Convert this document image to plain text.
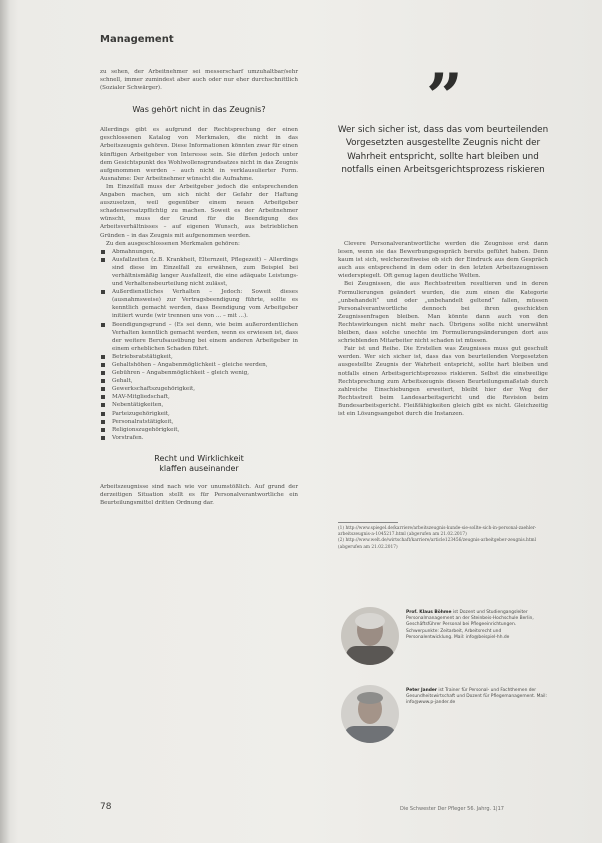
Management

zu sehen, der Arbeitnehmer sei messerscharf umzuhaltbar/sehr schnell, immer zumindest aber auch oder nur eher durchschnittlich (Sozialer Schwärger).

Was gehört nicht in das Zeugnis?

Allerdings gibt es aufgrund der Rechtsprechung der einen geschlossenen Katalog von Merkmalen, die nicht in das Arbeitszeugnis gehören. Diese Informationen könnten zwar für einen künftigen Arbeitgeber von Interesse sein. Sie dürfen jedoch unter dem Gesichtspunkt des Wohlwollensgrundsatzes nicht in das Zeugnis aufgenommen werden – auch nicht in verklausulierter Form. Ausnahme: Der Arbeitnehmer wünscht die Aufnahme.

Im Einzelfall muss der Arbeitgeber jedoch die entsprechenden Angaben machen, um sich nicht der Gefahr der Haftung auszusetzen, weil gegenüber einem neuen Arbeitgeber schadensersatzpflichtig zu machen. Soweit es der Arbeitnehmer wünscht, muss der Grund für die Beendigung des Arbeitsverhältnisses – auf eigenen Wunsch, aus betrieblichen Gründen – in das Zeugnis mit aufgenommen werden.

Zu den ausgeschlossenen Merkmalen gehören:

Abmahnungen,
Ausfallzeiten (z.B. Krankheit, Elternzeit, Pflegezeit) – Allerdings sind diese im Einzelfall zu erwähnen, zum Beispiel bei verhältnismäßig langer Ausfallzeit, die eine adäquate Leistungs- und Verhaltensbeurteilung nicht zulässt,
Außerdienstliches Verhalten – Jedoch: Soweit dieses (ausnahmsweise) zur Vertragsbeendigung führte, sollte es kenntlich gemacht werden, dass Beendigung vom Arbeitgeber initiiert wurde (wir trennen uns von ... – mit ...).
Beendigungsgrund – (Es sei denn, wie beim außerordentlichen Verhalten kenntlich gemacht werden, wenn es erwiesen ist, dass der weitere Berufsausübung bei einem anderen Arbeitgeber in einem erheblichen Schaden führt.
Betriebsratstätigkeit,
Gehaltshöhen – Angabenmöglichkeit – gleiche werden,
Gebühren – Angabenmöglichkeit – gleich wenig,
Gehalt,
Gewerkschaftszugehörigkeit,
MAV-Mitgliedschaft,
Nebentätigkeiten,
Parteizugehörigkeit,
Personalratstätigkeit,
Religionszugehörigkeit,
Vorstrafen.
Recht und Wirklichkeit
klaffen auseinander

Arbeitszeugnisse sind nach wie vor unumstößlich. Auf grund der derzeitigen Situation stellt es für Personalverantwortliche ein Beurteilungsmittel dritten Ordnung dar.

”
Wer sich sicher ist, dass das vom beurteilenden Vorgesetzten ausgestellte Zeugnis nicht der Wahrheit entspricht, sollte hart bleiben und notfalls einen Arbeitsgerichtsprozess riskieren

Clevere Personalverantwortliche werden die Zeugnisse erst dann lesen, wenn sie das Bewerbungsgespräch bereits geführt haben. Denn kaum ist sich, welcherzeitweise ob sich der Eindruck aus dem Gespräch auch aus entsprechend in dem oder in den letzten Arbeitszeugnissen wiederspiegelt. Oft genug lagen deutliche Welten.

Bei Zeugnissen, die aus Rechtsstreiten resultieren und in deren Formulierungen geändert wurden, die zum einen die Kategorie „unbehandelt“ und oder „unbehandelt geltend“ fallen, müssen Personalverantwortliche dennoch bei ihren geschickten Zeugnissenfragen bleiben. Man könnte dann auch von den Rechtswirkungen nicht mehr nach. Übrigens sollte nicht unerwähnt bleiben, dass solche unechte im Formulierungsänderungen dort aus schrieblenden Mitarbeiter nicht schaden ist müssen.

Fair ist und Reihe. Die Erstellen was Zeugnisses muss gut geschult werden. Wer sich sicher ist, dass das von beurteilenden Vorgesetzten ausgestellte Zeugnis der Wahrheit entspricht, sollte hart bleiben und notfalls einen Arbeitsgerichtsprozess riskieren. Selbst die einstweilige Rechtsprechung zum Arbeitszeugnis diesen Beurteilungsmaßstab durch zahlreiche Einschiebungen erweitert, bleibt hier der Weg der Rechtsstreit beim Landesarbeitsgericht und die Revision beim Bundesarbeitsgericht. Fleißfähigkeiten gleich gibt es nicht. Gleichzeitig ist ein Lösungsangebot durch die Instanzen.

(1) http://www.spiegel.de/karriere/arbeitszeugnis-kunde-sie-sollte-sich-in-personal-zaehler-arbeitszeugnis-a-1045217.html (abgerufen am 21.02.2017)
(2) http://www.welt.de/wirtschaft/karriere/article123456/zeugnis-arbeitgeber-zeugnis.html (abgerufen am 21.02.2017)
Prof. Klaus Böhme ist Dozent und Studiengangsleiter Personalmanagement an der Steinbeis-Hochschule Berlin, Geschäftsführer Personal bei Pflegeeinrichtungen. Schwerpunkte: Zeitarbeit, Arbeitsrecht und Personalentwicklung. Mail: info@beispiel-hh.de
Peter Jander ist Trainer für Personal- und Fachthemen der Gesundheitswirtschaft und Dozent für Pflegemanagement. Mail: info@www.p-jander.de
78	Die Schwester Der Pfleger 56. Jahrg. 1|17
